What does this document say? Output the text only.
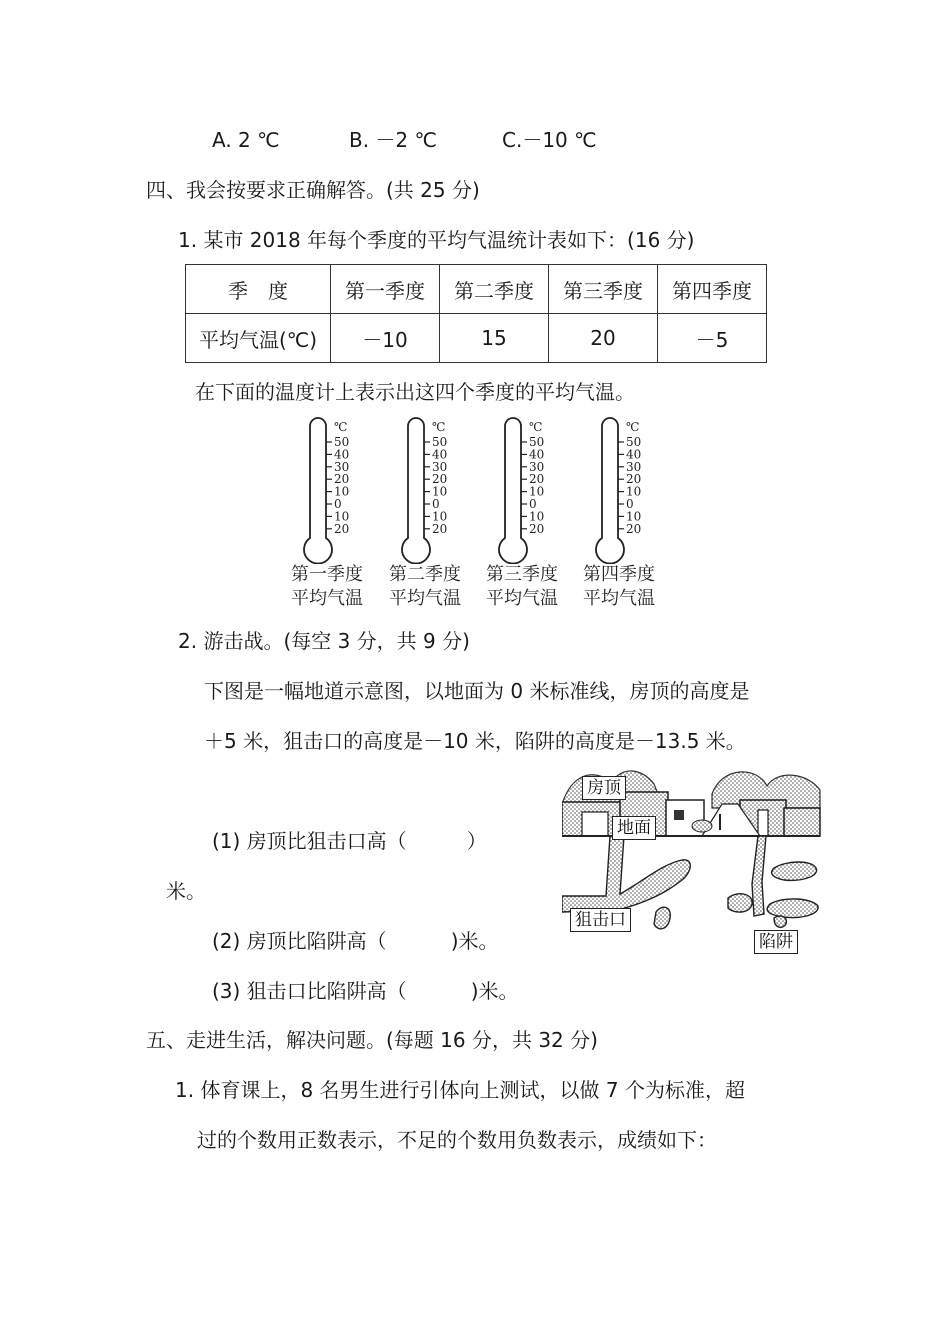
A. 2 ℃	B. －2 ℃	C.－10 ℃
四、我会按要求正确解答。(共 25 分)
1. 某市 2018 年每个季度的平均气温统计表如下：(16 分)
季　度	第一季度	第二季度	第三季度	第四季度
平均气温(℃)	－10	15	20	－5
在下面的温度计上表示出这四个季度的平均气温。
50
40
30
20
10
0
10
20
℃
第一季度
平均气温
50
40
30
20
10
0
10
20
℃
第二季度
平均气温
50
40
30
20
10
0
10
20
℃
第三季度
平均气温
50
40
30
20
10
0
10
20
℃
第四季度
平均气温
2. 游击战。(每空 3 分，共 9 分)
下图是一幅地道示意图，以地面为 0 米标准线，房顶的高度是
＋5 米，狙击口的高度是－10 米，陷阱的高度是－13.5 米。
(1) 房顶比狙击口高（	）
米。
(2) 房顶比陷阱高（	)米。
(3) 狙击口比陷阱高（	)米。
房顶
地面
狙击口
陷阱
五、走进生活，解决问题。(每题 16 分，共 32 分)
1. 体育课上，8 名男生进行引体向上测试，以做 7 个为标准，超
过的个数用正数表示，不足的个数用负数表示，成绩如下：
